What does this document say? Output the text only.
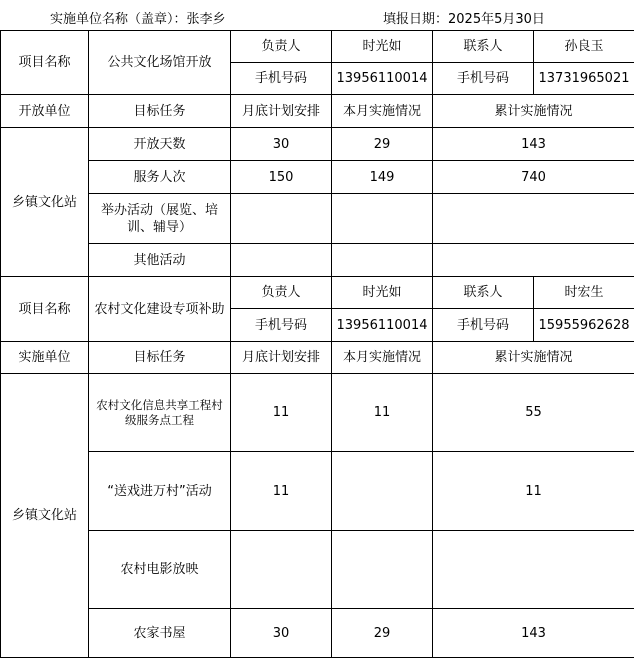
实施单位名称（盖章）：张李乡	填报日期：2025年5月30日
项目名称	公共文化场馆开放	负责人	时光如	联系人	孙良玉
		手机号码	13956110014	手机号码	13731965021
开放单位	目标任务	月底计划安排	本月实施情况	累计实施情况	
乡镇文化站	开放天数	30	29	143	
	服务人次	150	149	740	
	举办活动（展览、培训、辅导）				
	其他活动				
项目名称	农村文化建设专项补助	负责人	时光如	联系人	时宏生
		手机号码	13956110014	手机号码	15955962628
实施单位	目标任务	月底计划安排	本月实施情况	累计实施情况	
乡镇文化站	农村文化信息共享工程村级服务点工程	11	11	55	
	“送戏进万村”活动	11		11	
	农村电影放映				
	农家书屋	30	29	143	
